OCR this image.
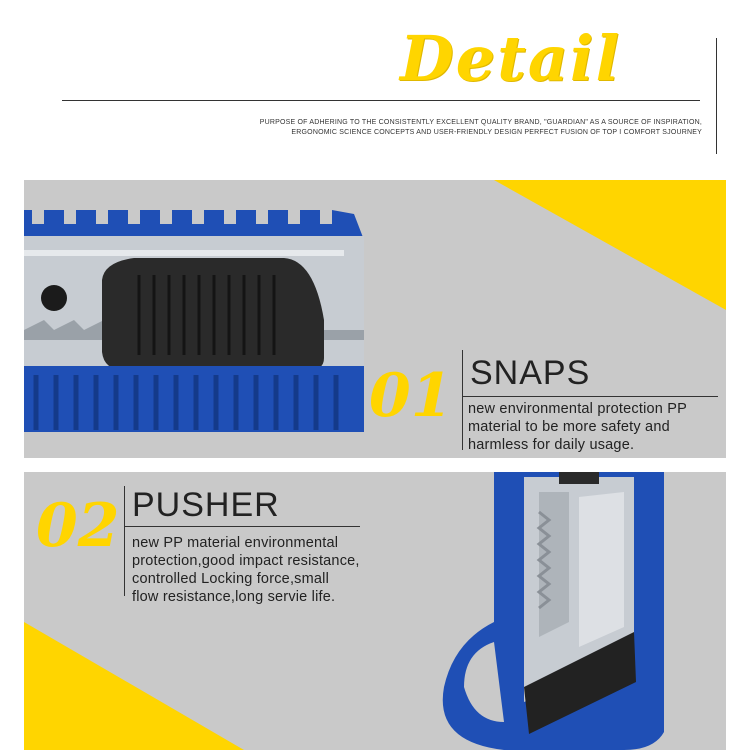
Detail
PURPOSE OF ADHERING TO THE CONSISTENTLY EXCELLENT QUALITY BRAND, "GUARDIAN" AS A SOURCE OF INSPIRATION,
ERGONOMIC SCIENCE CONCEPTS AND USER-FRIENDLY DESIGN PERFECT FUSION OF TOP I COMFORT SJOURNEY
01 SNAPS
new environmental protection PP
material to be more safety and
harmless for daily usage.
02 PUSHER
new PP material environmental
protection,good impact resistance,
controlled Locking force,small
flow resistance,long servie life.
